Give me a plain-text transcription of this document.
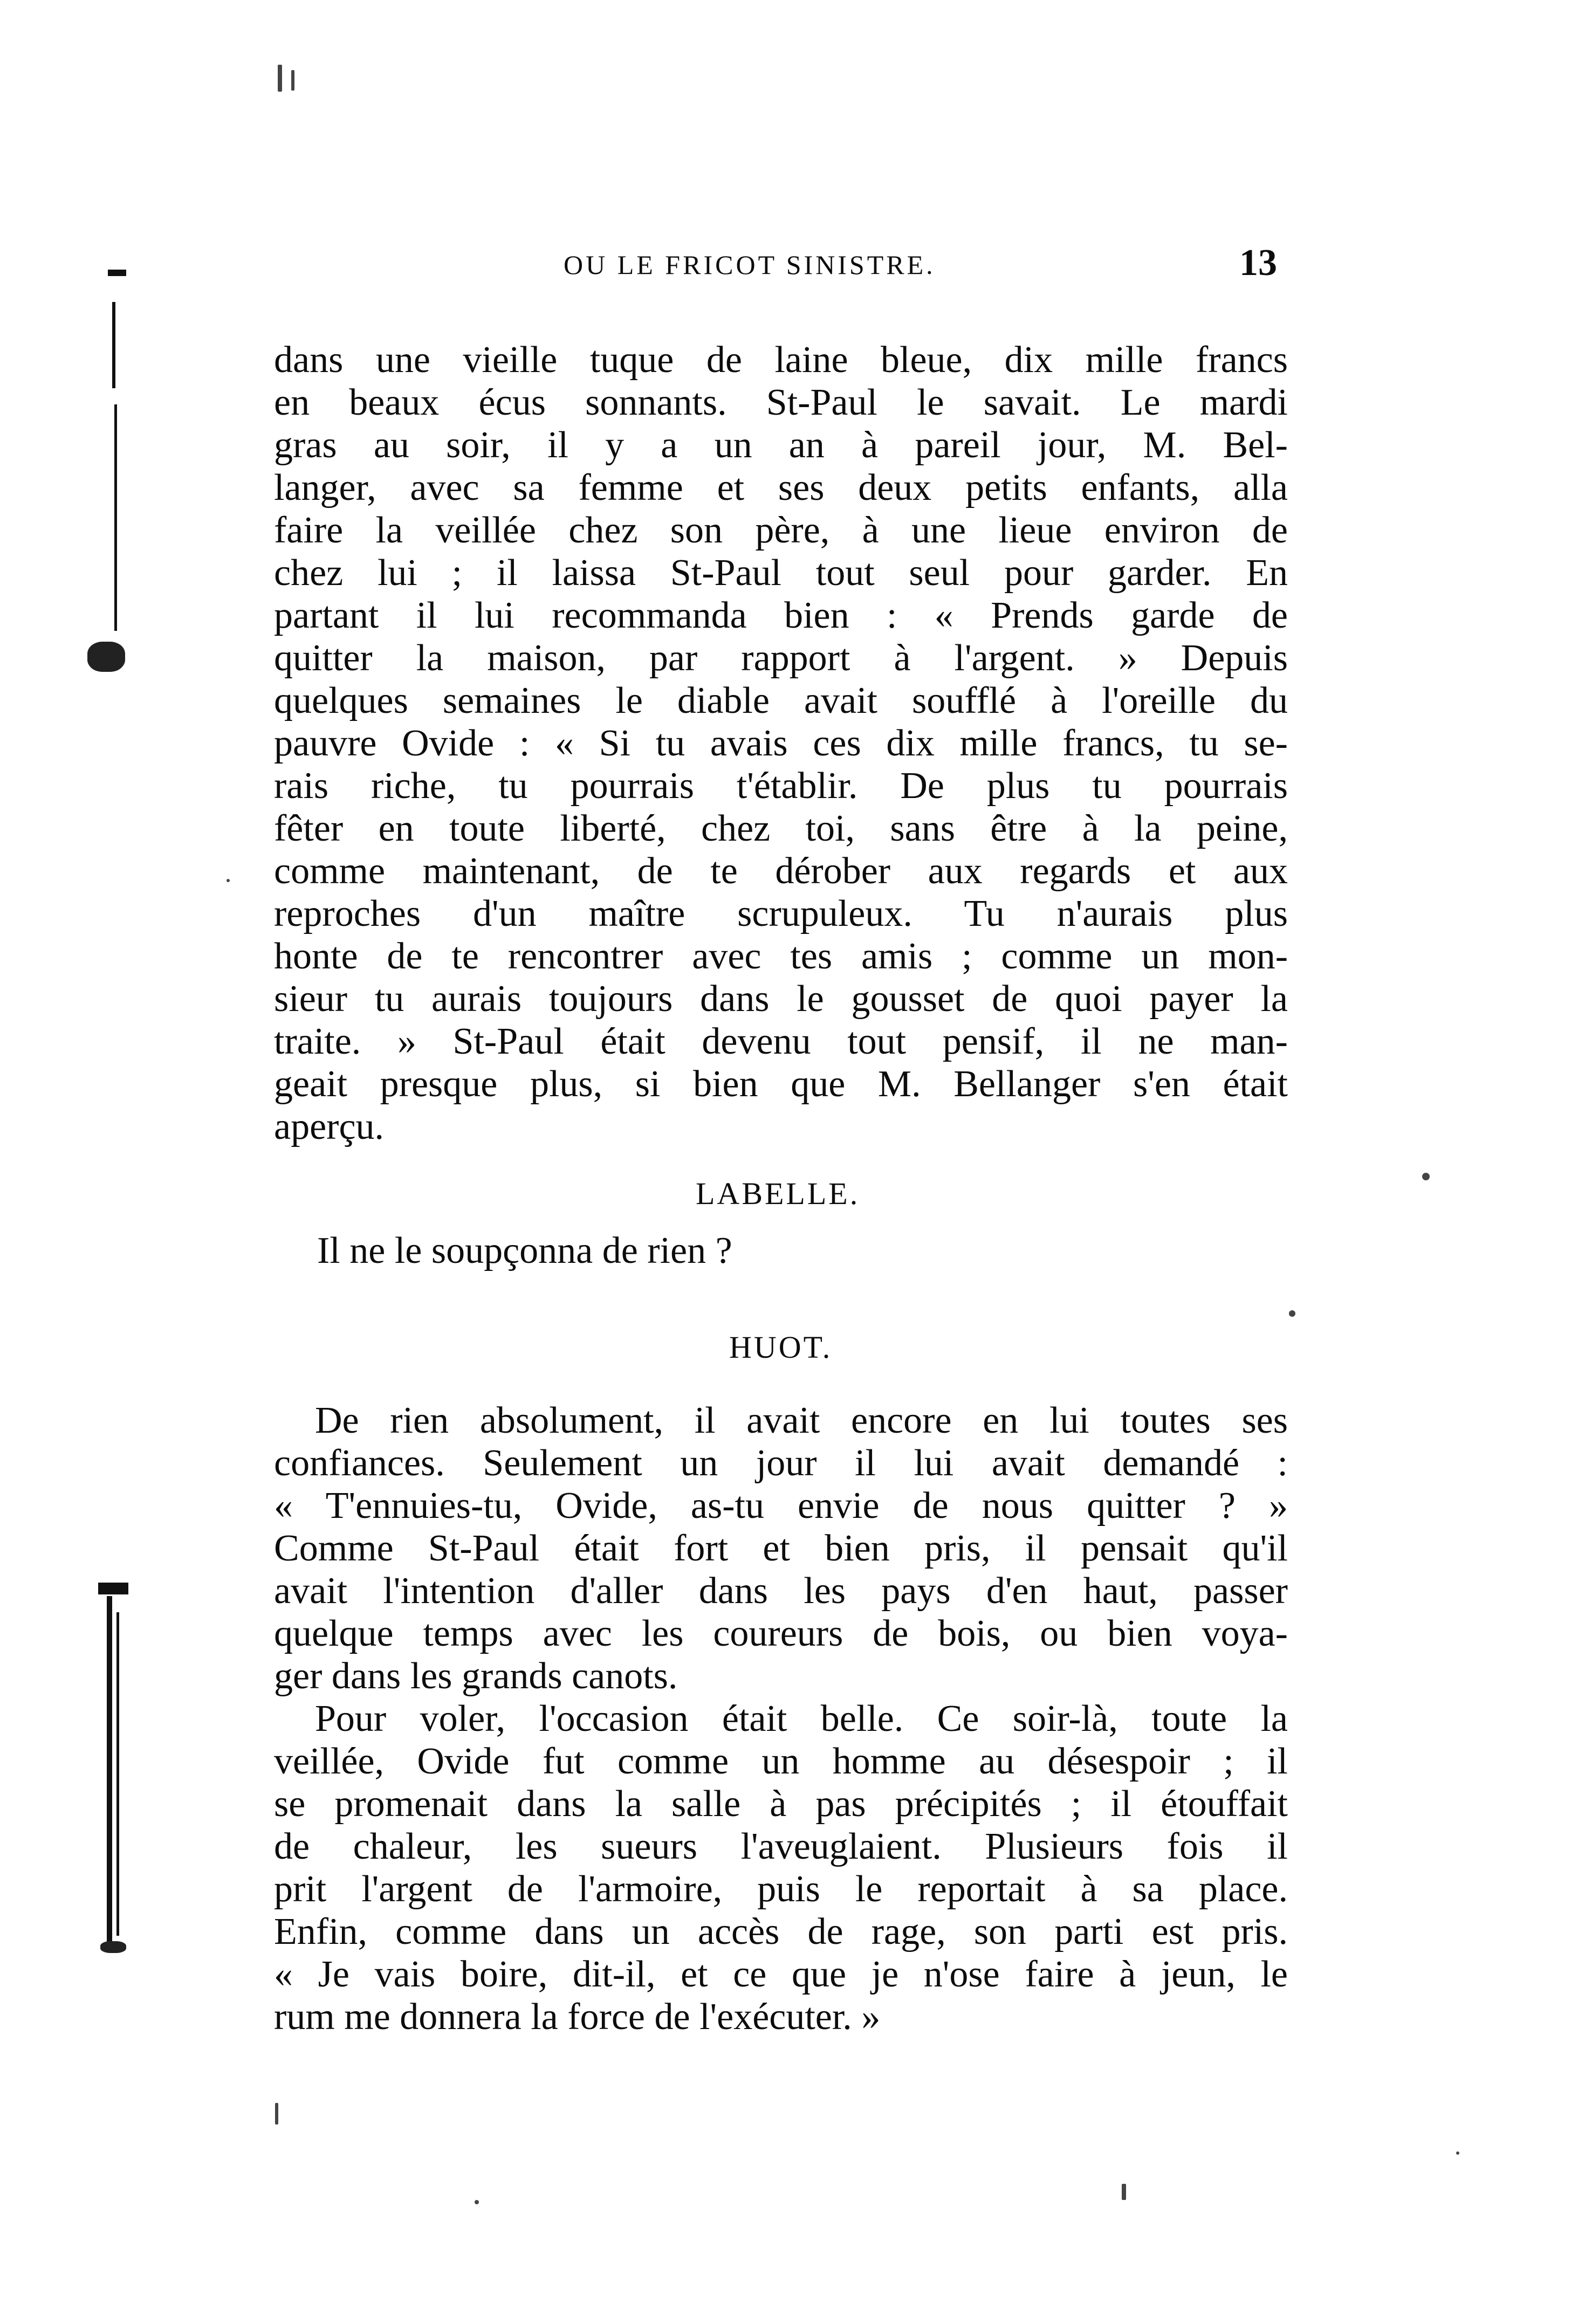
OU LE FRICOT SINISTRE.	13
dans une vieille tuque de laine bleue, dix mille francs
en beaux écus sonnants. St-Paul le savait. Le mardi
gras au soir, il y a un an à pareil jour, M. Bel-
langer, avec sa femme et ses deux petits enfants, alla
faire la veillée chez son père, à une lieue environ de
chez lui ; il laissa St-Paul tout seul pour garder. En
partant il lui recommanda bien : « Prends garde de
quitter la maison, par rapport à l'argent. » Depuis
quelques semaines le diable avait soufflé à l'oreille du
pauvre Ovide : « Si tu avais ces dix mille francs, tu se-
rais riche, tu pourrais t'établir. De plus tu pourrais
fêter en toute liberté, chez toi, sans être à la peine,
comme maintenant, de te dérober aux regards et aux
reproches d'un maître scrupuleux. Tu n'aurais plus
honte de te rencontrer avec tes amis ; comme un mon-
sieur tu aurais toujours dans le gousset de quoi payer la
traite. » St-Paul était devenu tout pensif, il ne man-
geait presque plus, si bien que M. Bellanger s'en était
aperçu.
LABELLE.
Il ne le soupçonna de rien ?
HUOT.
De rien absolument, il avait encore en lui toutes ses
confiances. Seulement un jour il lui avait demandé :
« T'ennuies-tu, Ovide, as-tu envie de nous quitter ? »
Comme St-Paul était fort et bien pris, il pensait qu'il
avait l'intention d'aller dans les pays d'en haut, passer
quelque temps avec les coureurs de bois, ou bien voya-
ger dans les grands canots.
Pour voler, l'occasion était belle. Ce soir-là, toute la
veillée, Ovide fut comme un homme au désespoir ; il
se promenait dans la salle à pas précipités ; il étouffait
de chaleur, les sueurs l'aveuglaient. Plusieurs fois il
prit l'argent de l'armoire, puis le reportait à sa place.
Enfin, comme dans un accès de rage, son parti est pris.
« Je vais boire, dit-il, et ce que je n'ose faire à jeun, le
rum me donnera la force de l'exécuter. »
